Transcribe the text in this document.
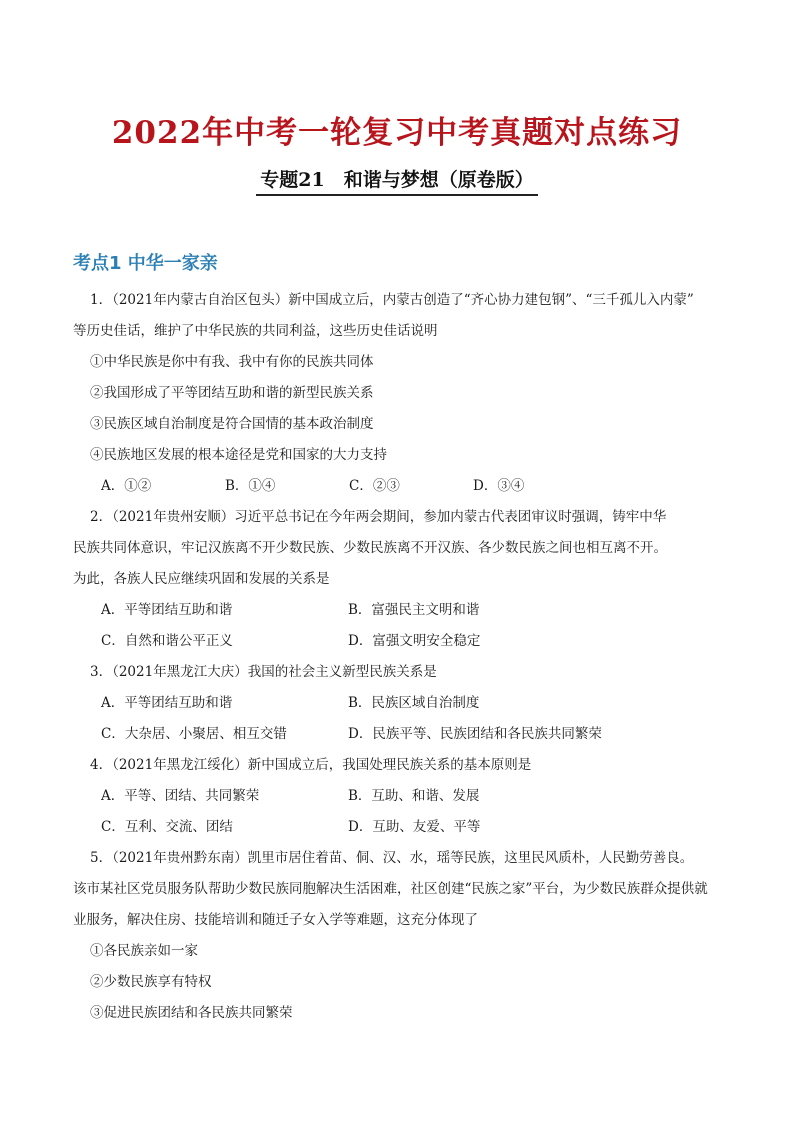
2022年中考一轮复习中考真题对点练习
专题21　和谐与梦想（原卷版）
考点1 中华一家亲
1．（2021年内蒙古自治区包头）新中国成立后，内蒙古创造了“齐心协力建包钢”、“三千孤儿入内蒙”
等历史佳话，维护了中华民族的共同利益，这些历史佳话说明
①中华民族是你中有我、我中有你的民族共同体
②我国形成了平等团结互助和谐的新型民族关系
③民族区域自治制度是符合国情的基本政治制度
④民族地区发展的根本途径是党和国家的大力支持
A．①②	B．①④	C．②③	D．③④
2．（2021年贵州安顺）习近平总书记在今年两会期间，参加内蒙古代表团审议时强调，铸牢中华
民族共同体意识，牢记汉族离不开少数民族、少数民族离不开汉族、各少数民族之间也相互离不开。
为此，各族人民应继续巩固和发展的关系是
A．平等团结互助和谐	B．富强民主文明和谐
C．自然和谐公平正义	D．富强文明安全稳定
3．（2021年黑龙江大庆）我国的社会主义新型民族关系是
A．平等团结互助和谐	B．民族区域自治制度
C．大杂居、小聚居、相互交错	D．民族平等、民族团结和各民族共同繁荣
4．（2021年黑龙江绥化）新中国成立后，我国处理民族关系的基本原则是
A．平等、团结、共同繁荣	B．互助、和谐、发展
C．互利、交流、团结	D．互助、友爱、平等
5．（2021年贵州黔东南）凯里市居住着苗、侗、汉、水，瑶等民族，这里民风质朴，人民勤劳善良。
该市某社区党员服务队帮助少数民族同胞解决生活困难，社区创建“民族之家”平台，为少数民族群众提供就
业服务，解决住房、技能培训和随迁子女入学等难题，这充分体现了
①各民族亲如一家
②少数民族享有特权
③促进民族团结和各民族共同繁荣
